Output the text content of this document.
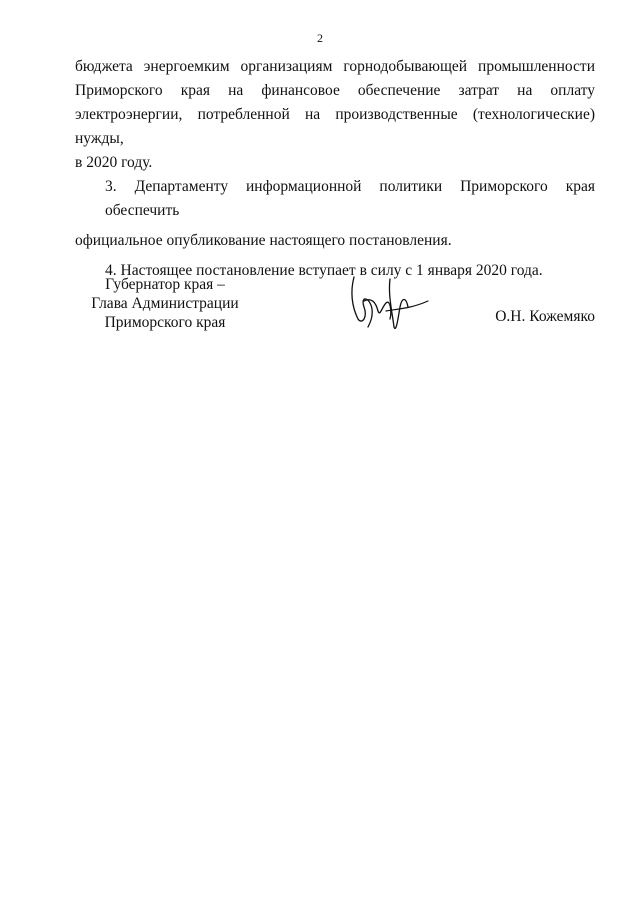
2

бюджета энергоемким организациям горнодобывающей промышленности
Приморского края на финансовое обеспечение затрат на оплату
электроэнергии, потребленной на производственные (технологические) нужды,
в 2020 году.

3. Департаменту информационной политики Приморского края обеспечить

официальное опубликование настоящего постановления.

4. Настоящее постановление вступает в силу с 1 января 2020 года.

Губернатор края –
Глава Администрации
Приморского края	О.Н. Кожемяко
